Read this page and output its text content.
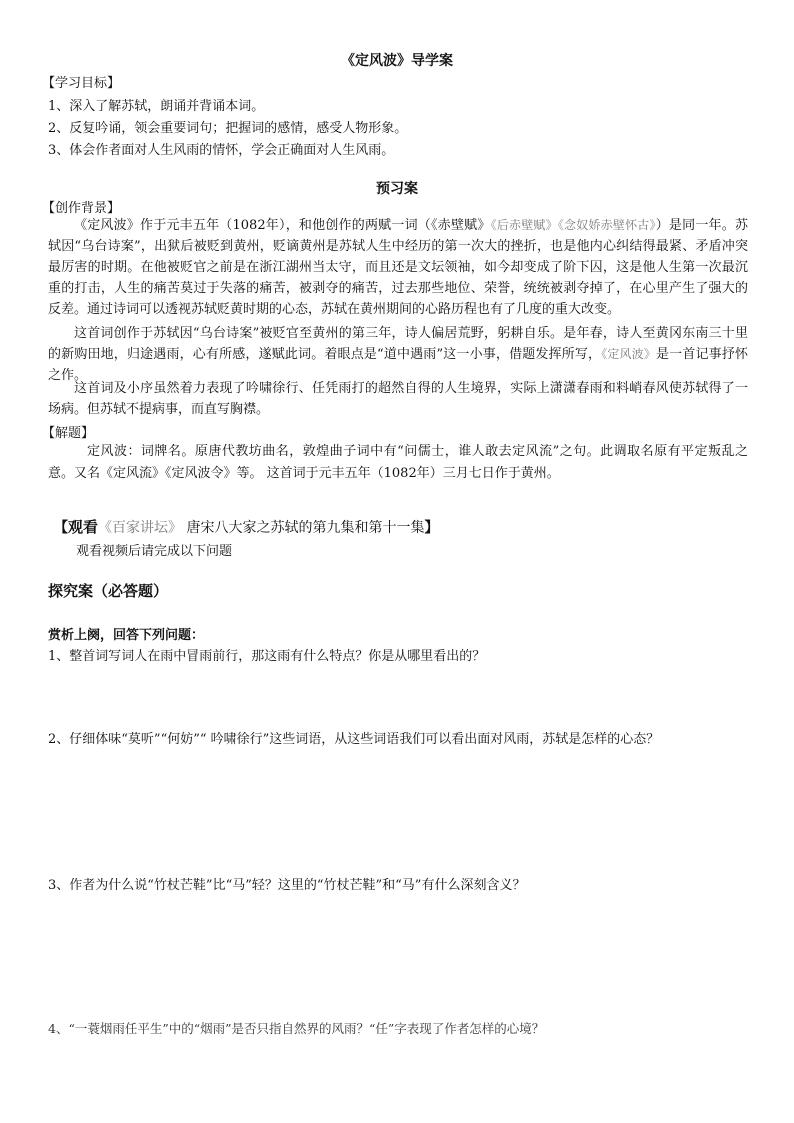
《定风波》导学案
【学习目标】
1、深入了解苏轼，朗诵并背诵本词。
2、反复吟诵，领会重要词句；把握词的感情，感受人物形象。
3、体会作者面对人生风雨的情怀，学会正确面对人生风雨。
预习案
【创作背景】
《定风波》作于元丰五年（1082年），和他创作的两赋一词（《赤壁赋》《后赤壁赋》《念奴娇赤壁怀古》）是同一年。苏轼因“乌台诗案”，出狱后被贬到黄州，贬谪黄州是苏轼人生中经历的第一次大的挫折，也是他内心纠结得最紧、矛盾冲突最厉害的时期。在他被贬官之前是在浙江湖州当太守，而且还是文坛领袖，如今却变成了阶下囚，这是他人生第一次最沉重的打击，人生的痛苦莫过于失落的痛苦，被剥夺的痛苦，过去那些地位、荣誉，统统被剥夺掉了，在心里产生了强大的反差。通过诗词可以透视苏轼贬黄时期的心态，苏轼在黄州期间的心路历程也有了几度的重大改变。
这首词创作于苏轼因“乌台诗案”被贬官至黄州的第三年，诗人偏居荒野，躬耕自乐。是年春，诗人至黄冈东南三十里的新购田地，归途遇雨，心有所感，遂赋此词。着眼点是“道中遇雨”这一小事，借题发挥所写，《定风波》是一首记事抒怀之作。
这首词及小序虽然着力表现了吟啸徐行、任凭雨打的超然自得的人生境界，实际上潇潇春雨和料峭春风使苏轼得了一场病。但苏轼不提病事，而直写胸襟。
【解题】
定风波：词牌名。原唐代教坊曲名，敦煌曲子词中有“问儒士，谁人敢去定风流”之句。此调取名原有平定叛乱之意。又名《定风流》《定风波令》等。 这首词于元丰五年（1082年）三月七日作于黄州。
【观看《百家讲坛》 唐宋八大家之苏轼的第九集和第十一集】
观看视频后请完成以下问题
探究案（必答题）
赏析上阕，回答下列问题：
1、整首词写词人在雨中冒雨前行，那这雨有什么特点？你是从哪里看出的？
2、仔细体味“莫听”“何妨”“ 吟啸徐行”这些词语，从这些词语我们可以看出面对风雨，苏轼是怎样的心态？
3、作者为什么说“竹杖芒鞋”比“马”轻？这里的“竹杖芒鞋”和“马”有什么深刻含义？
4、“一蓑烟雨任平生”中的“烟雨”是否只指自然界的风雨？“任”字表现了作者怎样的心境？
